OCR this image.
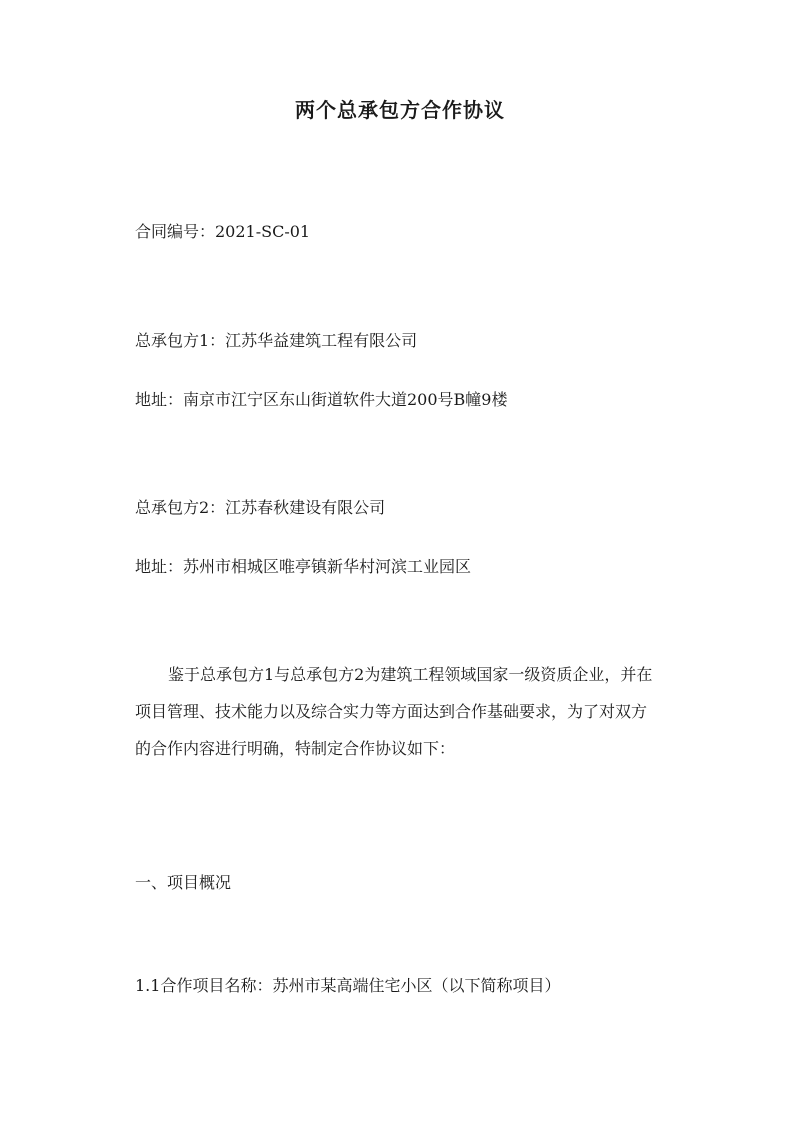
两个总承包方合作协议

合同编号：2021-SC-01

总承包方1：江苏华益建筑工程有限公司

地址：南京市江宁区东山街道软件大道200号B幢9楼

总承包方2：江苏春秋建设有限公司

地址：苏州市相城区唯亭镇新华村河滨工业园区

鉴于总承包方1与总承包方2为建筑工程领域国家一级资质企业，并在
项目管理、技术能力以及综合实力等方面达到合作基础要求，为了对双方
的合作内容进行明确，特制定合作协议如下：

一、项目概况

1.1合作项目名称：苏州市某高端住宅小区（以下简称项目）
